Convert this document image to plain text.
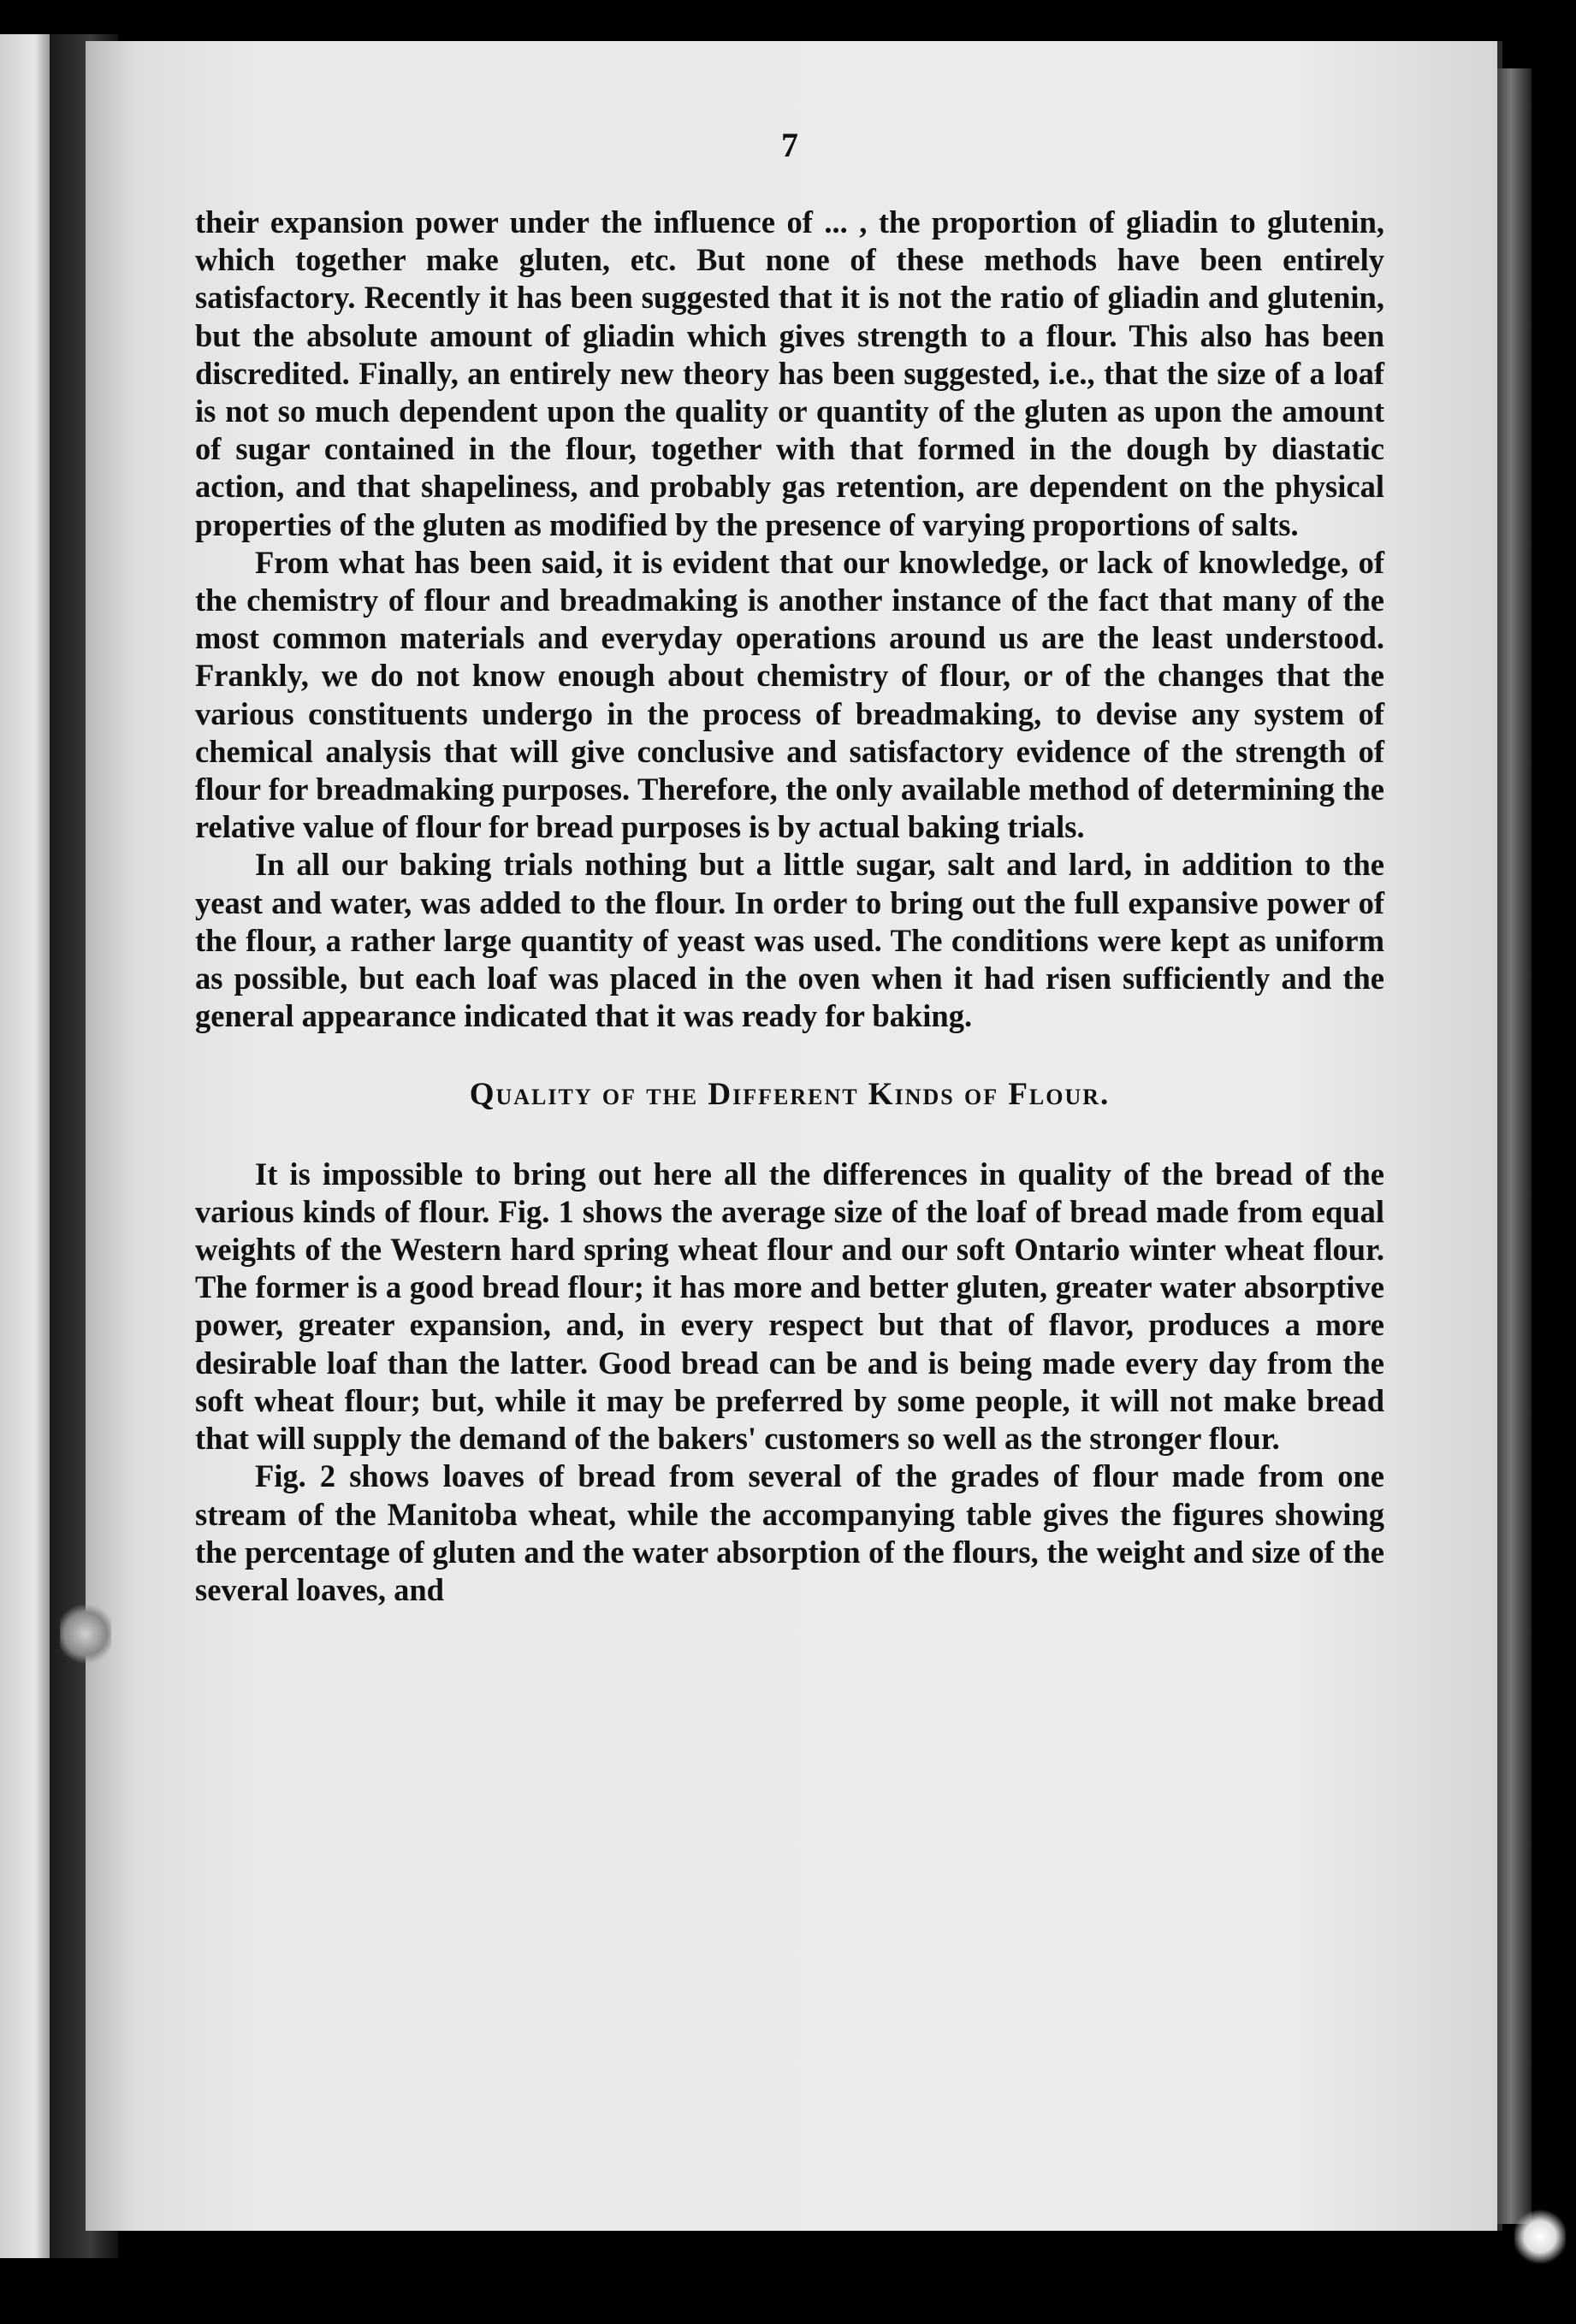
7

their expansion power under the influence of ... , the proportion of gliadin to glutenin, which together make gluten, etc. But none of these methods have been entirely satisfactory. Recently it has been suggested that it is not the ratio of gliadin and glutenin, but the absolute amount of gliadin which gives strength to a flour. This also has been discredited. Finally, an entirely new theory has been suggested, i.e., that the size of a loaf is not so much dependent upon the quality or quantity of the gluten as upon the amount of sugar contained in the flour, together with that formed in the dough by diastatic action, and that shapeliness, and probably gas retention, are dependent on the physical properties of the gluten as modified by the presence of varying proportions of salts.

From what has been said, it is evident that our knowledge, or lack of knowledge, of the chemistry of flour and breadmaking is another instance of the fact that many of the most common materials and everyday operations around us are the least understood. Frankly, we do not know enough about chemistry of flour, or of the changes that the various constituents undergo in the process of breadmaking, to devise any system of chemical analysis that will give conclusive and satisfactory evidence of the strength of flour for breadmaking purposes. Therefore, the only available method of determining the relative value of flour for bread purposes is by actual baking trials.

In all our baking trials nothing but a little sugar, salt and lard, in addition to the yeast and water, was added to the flour. In order to bring out the full expansive power of the flour, a rather large quantity of yeast was used. The conditions were kept as uniform as possible, but each loaf was placed in the oven when it had risen sufficiently and the general appearance indicated that it was ready for baking.

Quality of the Different Kinds of Flour.

It is impossible to bring out here all the differences in quality of the bread of the various kinds of flour. Fig. 1 shows the average size of the loaf of bread made from equal weights of the Western hard spring wheat flour and our soft Ontario winter wheat flour. The former is a good bread flour; it has more and better gluten, greater water absorptive power, greater expansion, and, in every respect but that of flavor, produces a more desirable loaf than the latter. Good bread can be and is being made every day from the soft wheat flour; but, while it may be preferred by some people, it will not make bread that will supply the demand of the bakers' customers so well as the stronger flour.

Fig. 2 shows loaves of bread from several of the grades of flour made from one stream of the Manitoba wheat, while the accompanying table gives the figures showing the percentage of gluten and the water absorption of the flours, the weight and size of the several loaves, and
